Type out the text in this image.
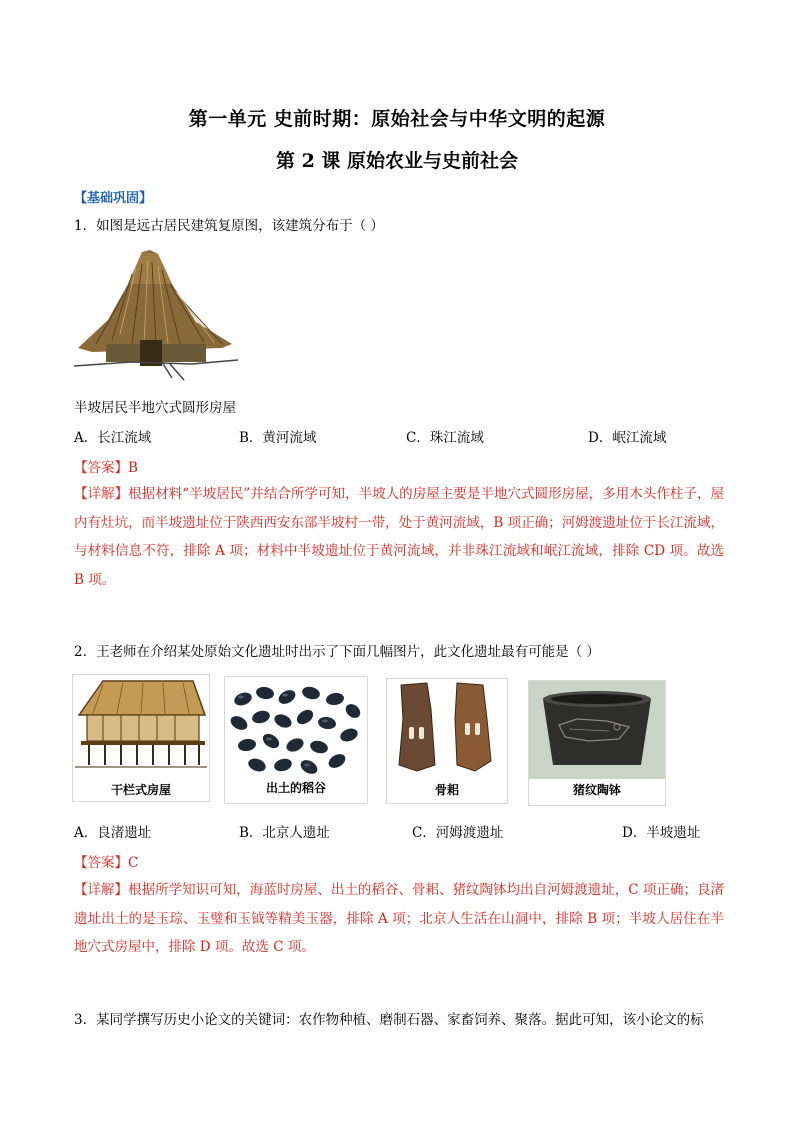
第一单元 史前时期：原始社会与中华文明的起源
第 2 课 原始农业与史前社会
【基础巩固】
1．如图是远古居民建筑复原图，该建筑分布于（ ）
半坡居民半地穴式圆形房屋
A．长江流域	B．黄河流域	C．珠江流域	D．岷江流域
【答案】B
【详解】根据材料“半坡居民”并结合所学可知，半坡人的房屋主要是半地穴式圆形房屋，多用木头作柱子，屋内有灶坑，而半坡遗址位于陕西西安东部半坡村一带，处于黄河流域，B 项正确；河姆渡遗址位于长江流域，与材料信息不符，排除 A 项；材料中半坡遗址位于黄河流域，并非珠江流域和岷江流域，排除 CD 项。故选 B 项。
2．王老师在介绍某处原始文化遗址时出示了下面几幅图片，此文化遗址最有可能是（ ）
干栏式房屋	出土的稻谷	骨耜	猪纹陶钵
A．良渚遗址	B．北京人遗址	C．河姆渡遗址	D．半坡遗址
【答案】C
【详解】根据所学知识可知，海蓝时房屋、出土的稻谷、骨耜、猪纹陶钵均出自河姆渡遗址，C 项正确；良渚遗址出土的是玉琮、玉璧和玉钺等精美玉器，排除 A 项；北京人生活在山洞中，排除 B 项；半坡人居住在半地穴式房屋中，排除 D 项。故选 C 项。
3．某同学撰写历史小论文的关键词：农作物种植、磨制石器、家畜饲养、聚落。据此可知，该小论文的标
